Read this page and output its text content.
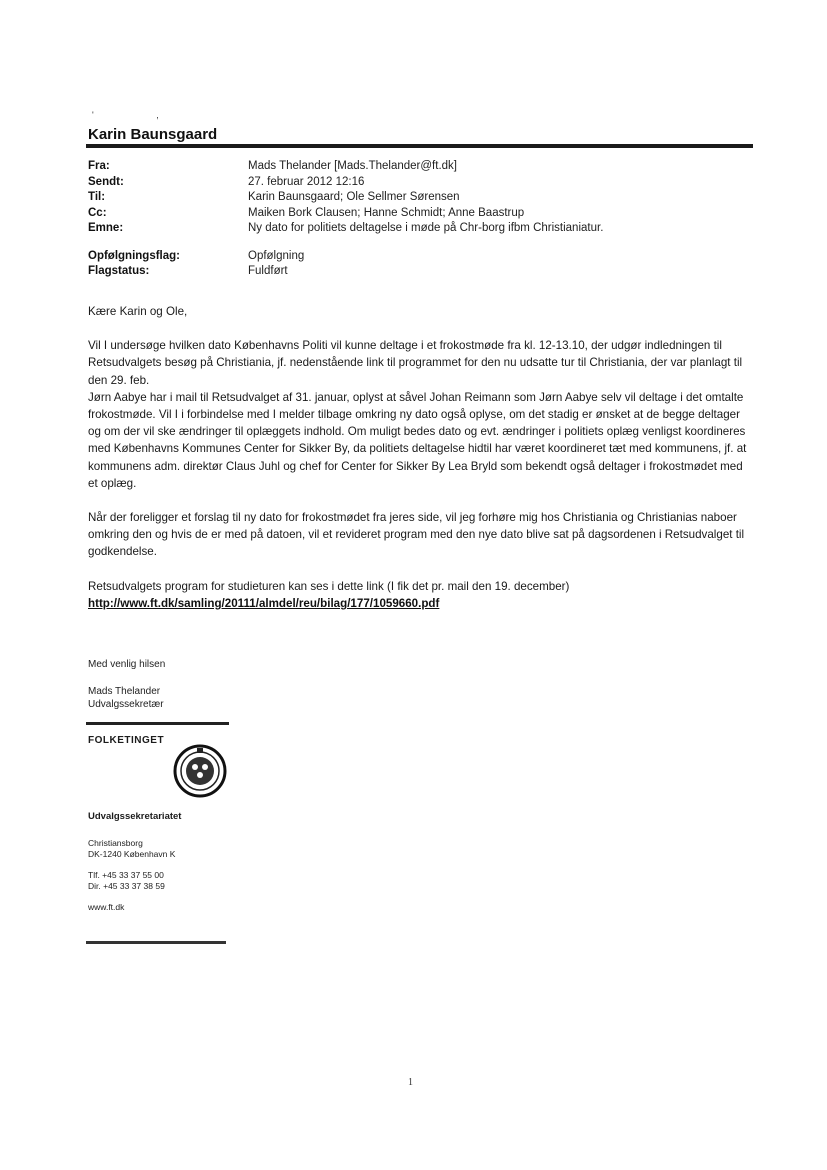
' ,
Karin Baunsgaard
Fra:	Mads Thelander [Mads.Thelander@ft.dk]
Sendt:	27. februar 2012 12:16
Til:	Karin Baunsgaard; Ole Sellmer Sørensen
Cc:	Maiken Bork Clausen; Hanne Schmidt; Anne Baastrup
Emne:	Ny dato for politiets deltagelse i møde på Chr-borg ifbm Christianiatur.
Opfølgningsflag:	Opfølgning
Flagstatus:	Fuldført

Kære Karin og Ole,

Vil I undersøge hvilken dato Københavns Politi vil kunne deltage i et frokostmøde fra kl. 12-13.10, der udgør indledningen til Retsudvalgets besøg på Christiania, jf. nedenstående link til programmet for den nu udsatte tur til Christiania, der var planlagt til den 29. feb.

Jørn Aabye har i mail til Retsudvalget af 31. januar, oplyst at såvel Johan Reimann som Jørn Aabye selv vil deltage i det omtalte frokostmøde. Vil I i forbindelse med I melder tilbage omkring ny dato også oplyse, om det stadig er ønsket at de begge deltager og om der vil ske ændringer til oplæggets indhold. Om muligt bedes dato og evt. ændringer i politiets oplæg venligst koordineres med Københavns Kommunes Center for Sikker By, da politiets deltagelse hidtil har været koordineret tæt med kommunens, jf. at kommunens adm. direktør Claus Juhl og chef for Center for Sikker By Lea Bryld som bekendt også deltager i frokostmødet med et oplæg.

Når der foreligger et forslag til ny dato for frokostmødet fra jeres side, vil jeg forhøre mig hos Christiania og Christianias naboer omkring den og hvis de er med på datoen, vil et revideret program med den nye dato blive sat på dagsordenen i Retsudvalget til godkendelse.

Retsudvalgets program for studieturen kan ses i dette link (I fik det pr. mail den 19. december)
http://www.ft.dk/samling/20111/almdel/reu/bilag/177/1059660.pdf
Med venlig hilsen
Mads Thelander
Udvalgssekretær
FOLKETINGET
Udvalgssekretariatet
Christiansborg
DK-1240 København K
Tlf. +45 33 37 55 00
Dir. +45 33 37 38 59
www.ft.dk
1
